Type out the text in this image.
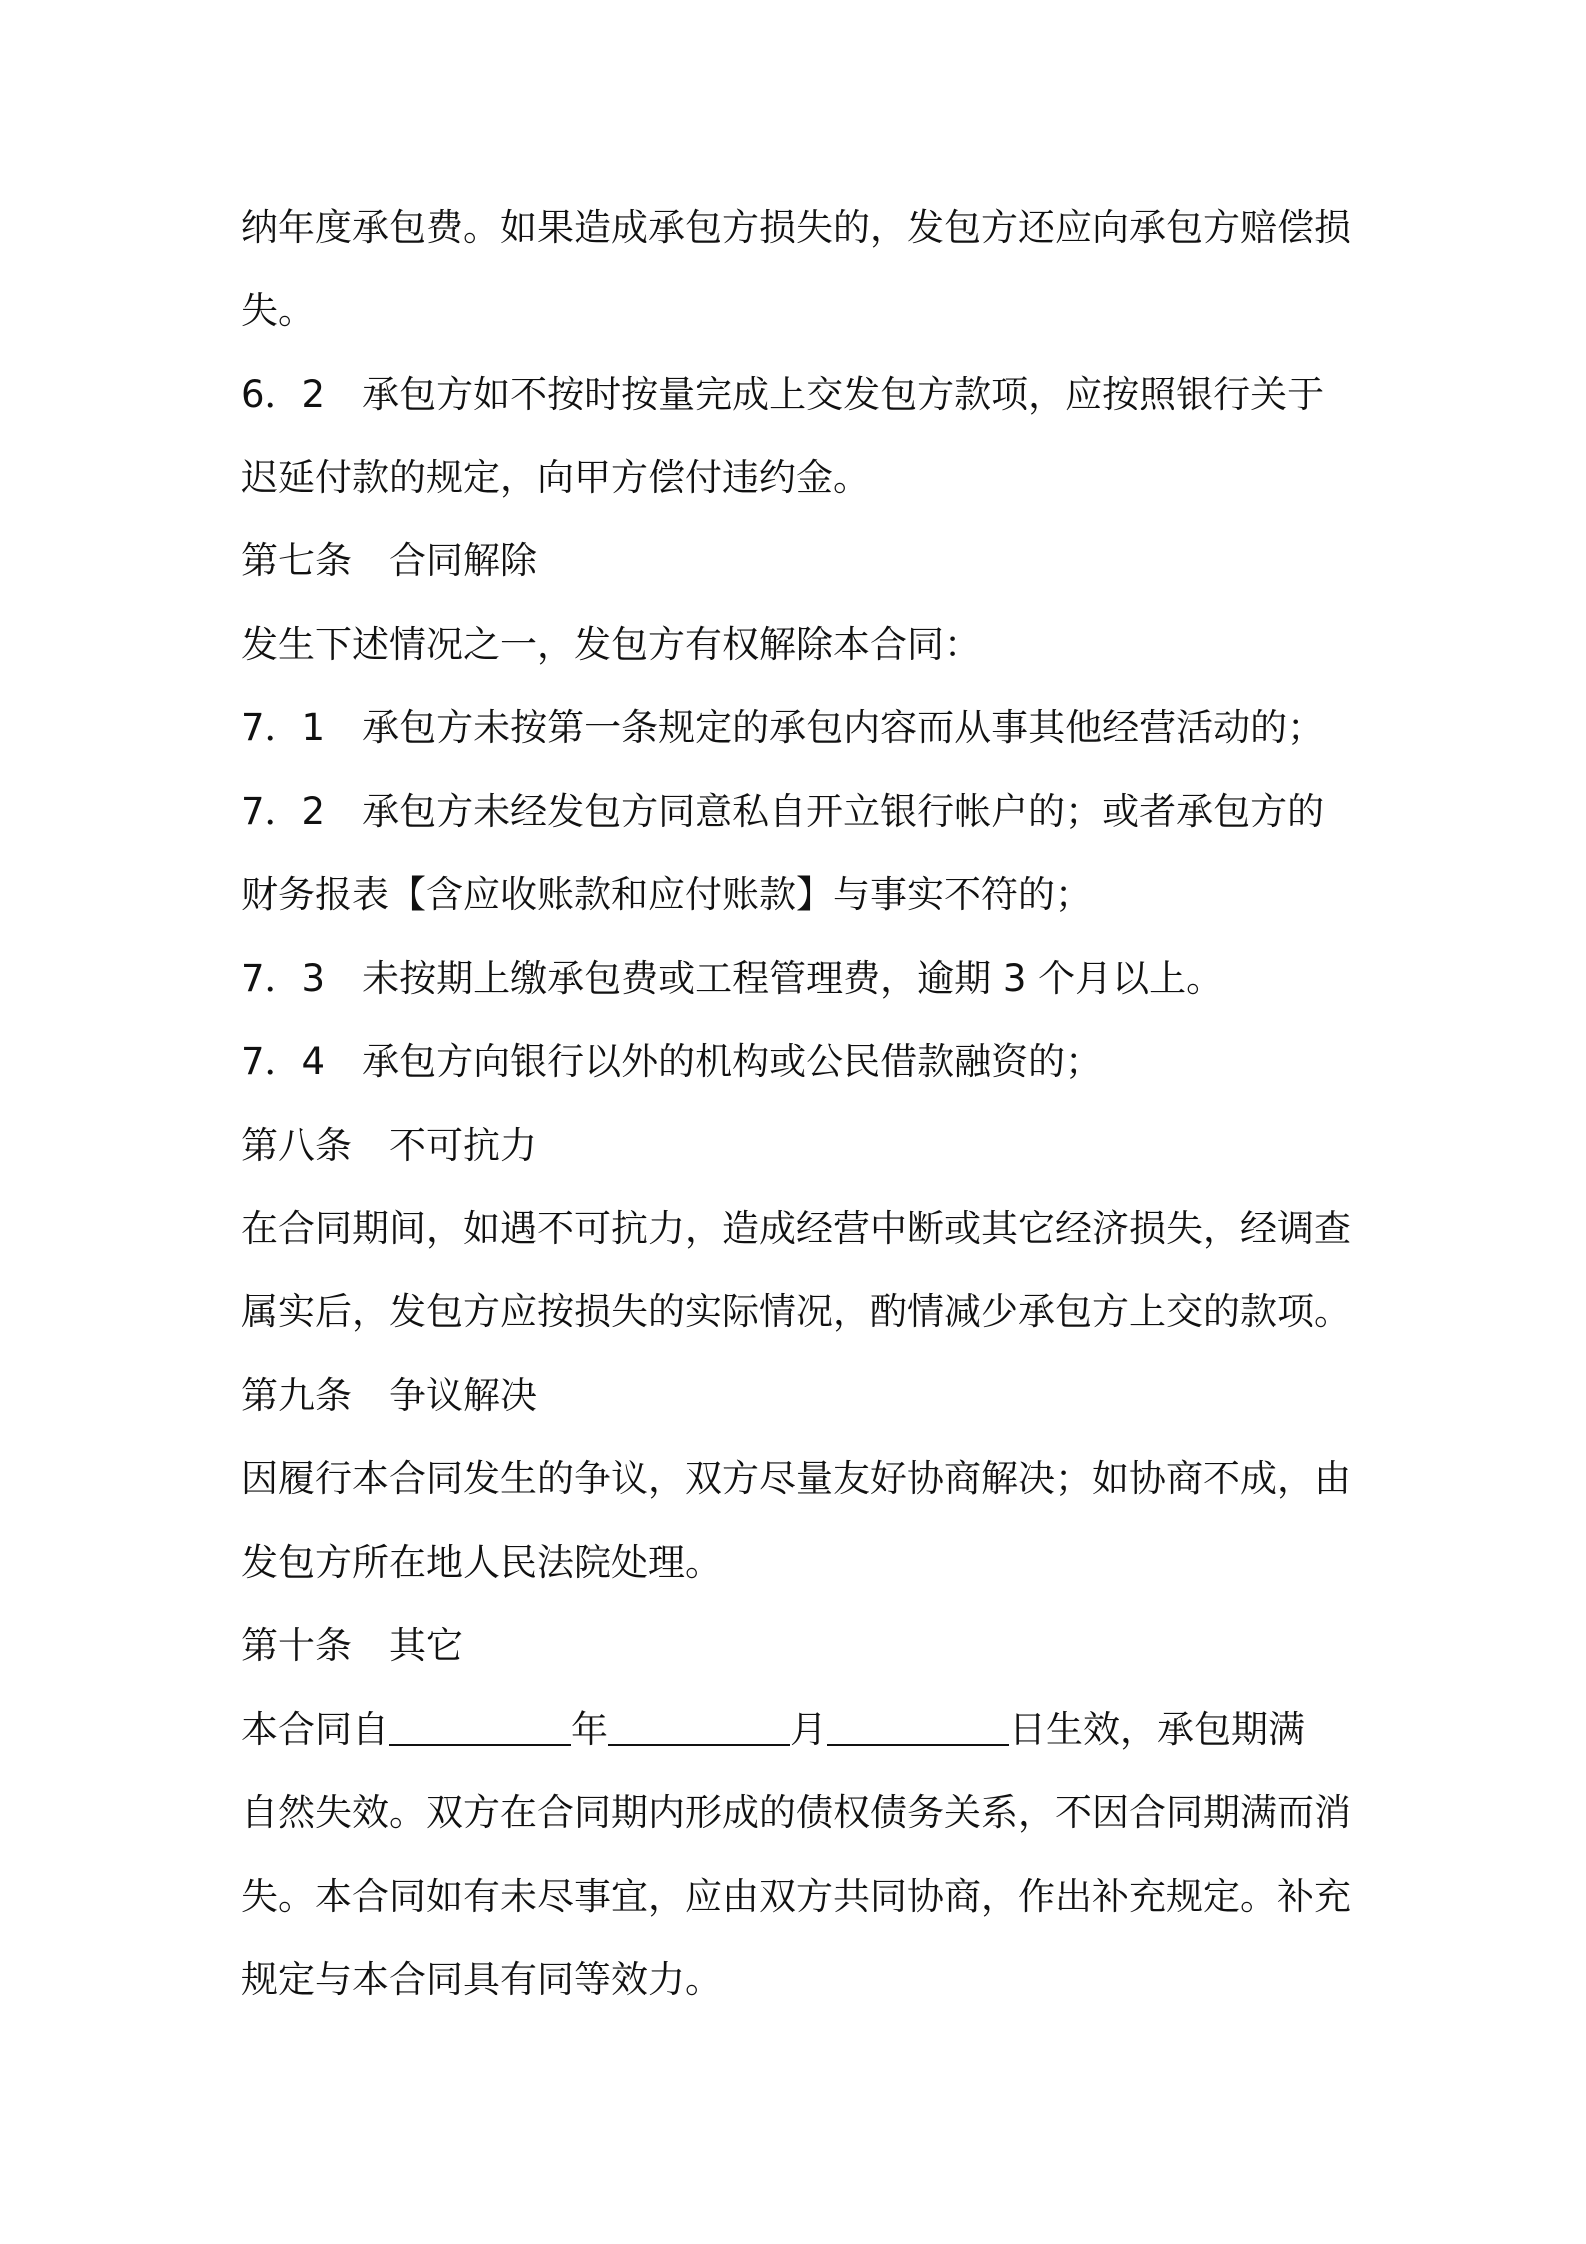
纳年度承包费。如果造成承包方损失的，发包方还应向承包方赔偿损
失。
6．2　承包方如不按时按量完成上交发包方款项，应按照银行关于
迟延付款的规定，向甲方偿付违约金。
第七条　合同解除
发生下述情况之一，发包方有权解除本合同：
7．1　承包方未按第一条规定的承包内容而从事其他经营活动的；
7．2　承包方未经发包方同意私自开立银行帐户的；或者承包方的
财务报表【含应收账款和应付账款】与事实不符的；
7．3　未按期上缴承包费或工程管理费，逾期 3 个月以上。
7．4　承包方向银行以外的机构或公民借款融资的；
第八条　不可抗力
在合同期间，如遇不可抗力，造成经营中断或其它经济损失，经调查
属实后，发包方应按损失的实际情况，酌情减少承包方上交的款项。
第九条　争议解决
因履行本合同发生的争议，双方尽量友好协商解决；如协商不成，由
发包方所在地人民法院处理。
第十条　其它
本合同自	年	月	日生效，承包期满
自然失效。双方在合同期内形成的债权债务关系，不因合同期满而消
失。本合同如有未尽事宜，应由双方共同协商，作出补充规定。补充
规定与本合同具有同等效力。
